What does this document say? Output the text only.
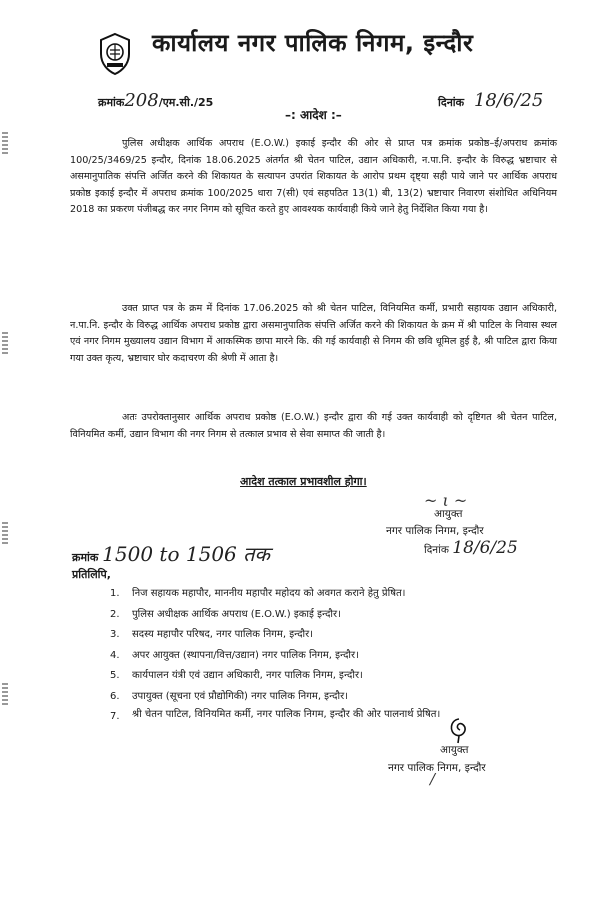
कार्यालय नगर पालिक निगम, इन्दौर
क्रमांक208/एम.सी./25	दिनांक 18/6/25
–: आदेश :–

पुलिस अधीक्षक आर्थिक अपराध (E.O.W.) इकाई इन्दौर की ओर से प्राप्त पत्र क्रमांक प्रकोष्ठ–ई/अपराध क्रमांक 100/25/3469/25 इन्दौर, दिनांक 18.06.2025 अंतर्गत श्री चेतन पाटिल, उद्यान अधिकारी, न.पा.नि. इन्दौर के विरुद्ध भ्रष्टाचार से असमानुपातिक संपत्ति अर्जित करने की शिकायत के सत्यापन उपरांत शिकायत के आरोप प्रथम दृष्ट्या सही पाये जाने पर आर्थिक अपराध प्रकोष्ठ इकाई इन्दौर में अपराध क्रमांक 100/2025 धारा 7(सी) एवं सहपठित 13(1) बी, 13(2) भ्रष्टाचार निवारण संशोधित अधिनियम 2018 का प्रकरण पंजीबद्ध कर नगर निगम को सूचित करते हुए आवश्यक कार्यवाही किये जाने हेतु निर्देशित किया गया है।

उक्त प्राप्त पत्र के क्रम में दिनांक 17.06.2025 को श्री चेतन पाटिल, विनियमित कर्मी, प्रभारी सहायक उद्यान अधिकारी, न.पा.नि. इन्दौर के विरुद्ध आर्थिक अपराध प्रकोष्ठ द्वारा असमानुपातिक संपत्ति अर्जित करने की शिकायत के क्रम में श्री पाटिल के निवास स्थल एवं नगर निगम मुख्यालय उद्यान विभाग में आकस्मिक छापा मारने कि. की गई कार्यवाही से निगम की छवि धूमिल हुई है, श्री पाटिल द्वारा किया गया उक्त कृत्य, भ्रष्टाचार घोर कदाचरण की श्रेणी में आता है।

अतः उपरोक्तानुसार आर्थिक अपराध प्रकोष्ठ (E.O.W.) इन्दौर द्वारा की गई उक्त कार्यवाही को दृष्टिगत श्री चेतन पाटिल, विनियमित कर्मी, उद्यान विभाग की नगर निगम से तत्काल प्रभाव से सेवा समाप्त की जाती है।

आदेश तत्काल प्रभावशील होगा।
~ ι ~
आयुक्त
नगर पालिक निगम, इन्दौर
दिनांक 18/6/25
क्रमांक 1500 to 1506 तक
प्रतिलिपि,
1. निज सहायक महापौर, माननीय महापौर महोदय को अवगत कराने हेतु प्रेषित।
2. पुलिस अधीक्षक आर्थिक अपराध (E.O.W.) इकाई इन्दौर।
3. सदस्य महापौर परिषद, नगर पालिक निगम, इन्दौर।
4. अपर आयुक्त (स्थापना/वित्त/उद्यान) नगर पालिक निगम, इन्दौर।
5. कार्यपालन यंत्री एवं उद्यान अधिकारी, नगर पालिक निगम, इन्दौर।
6. उपायुक्त (सूचना एवं प्रौद्योगिकी) नगर पालिक निगम, इन्दौर।
7. श्री चेतन पाटिल, विनियमित कर्मी, नगर पालिक निगम, इन्दौर की ओर पालनार्थ प्रेषित।
आयुक्त
नगर पालिक निगम, इन्दौर
/
